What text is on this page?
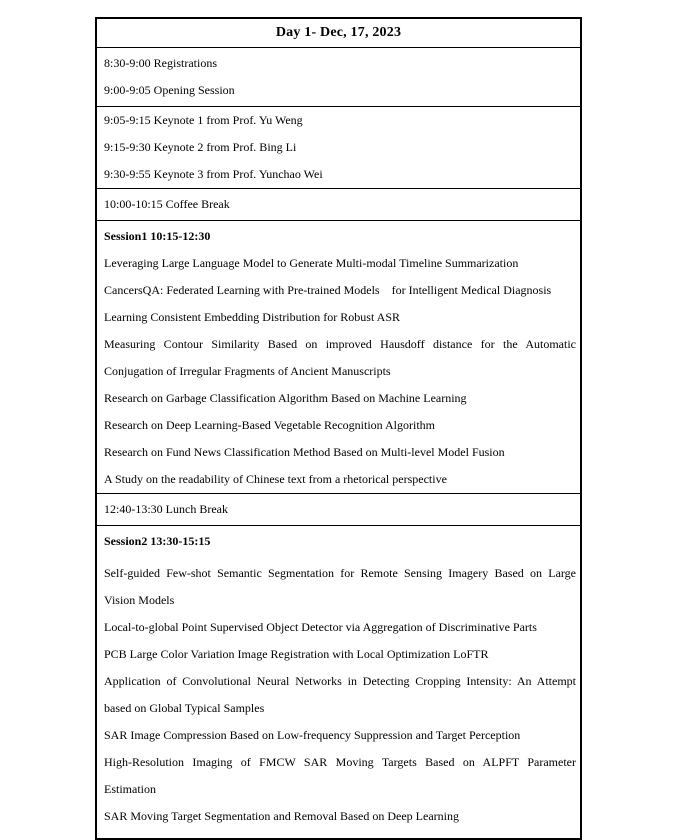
Day 1- Dec, 17, 2023

8:30-9:00 Registrations

9:00-9:05 Opening Session

9:05-9:15 Keynote 1 from Prof. Yu Weng

9:15-9:30 Keynote 2 from Prof. Bing Li

9:30-9:55 Keynote 3 from Prof. Yunchao Wei

10:00-10:15 Coffee Break

Session1 10:15-12:30

Leveraging Large Language Model to Generate Multi-modal Timeline Summarization

CancersQA: Federated Learning with Pre-trained Models    for Intelligent Medical Diagnosis

Learning Consistent Embedding Distribution for Robust ASR

Measuring Contour Similarity Based on improved Hausdoff distance for the Automatic Conjugation of Irregular Fragments of Ancient Manuscripts

Research on Garbage Classification Algorithm Based on Machine Learning

Research on Deep Learning-Based Vegetable Recognition Algorithm

Research on Fund News Classification Method Based on Multi-level Model Fusion

A Study on the readability of Chinese text from a rhetorical perspective

12:40-13:30 Lunch Break

Session2 13:30-15:15

Self-guided Few-shot Semantic Segmentation for Remote Sensing Imagery Based on Large Vision Models

Local-to-global Point Supervised Object Detector via Aggregation of Discriminative Parts

PCB Large Color Variation Image Registration with Local Optimization LoFTR

Application of Convolutional Neural Networks in Detecting Cropping Intensity: An Attempt based on Global Typical Samples

SAR Image Compression Based on Low-frequency Suppression and Target Perception

High-Resolution Imaging of FMCW SAR Moving Targets Based on ALPFT Parameter Estimation

SAR Moving Target Segmentation and Removal Based on Deep Learning
